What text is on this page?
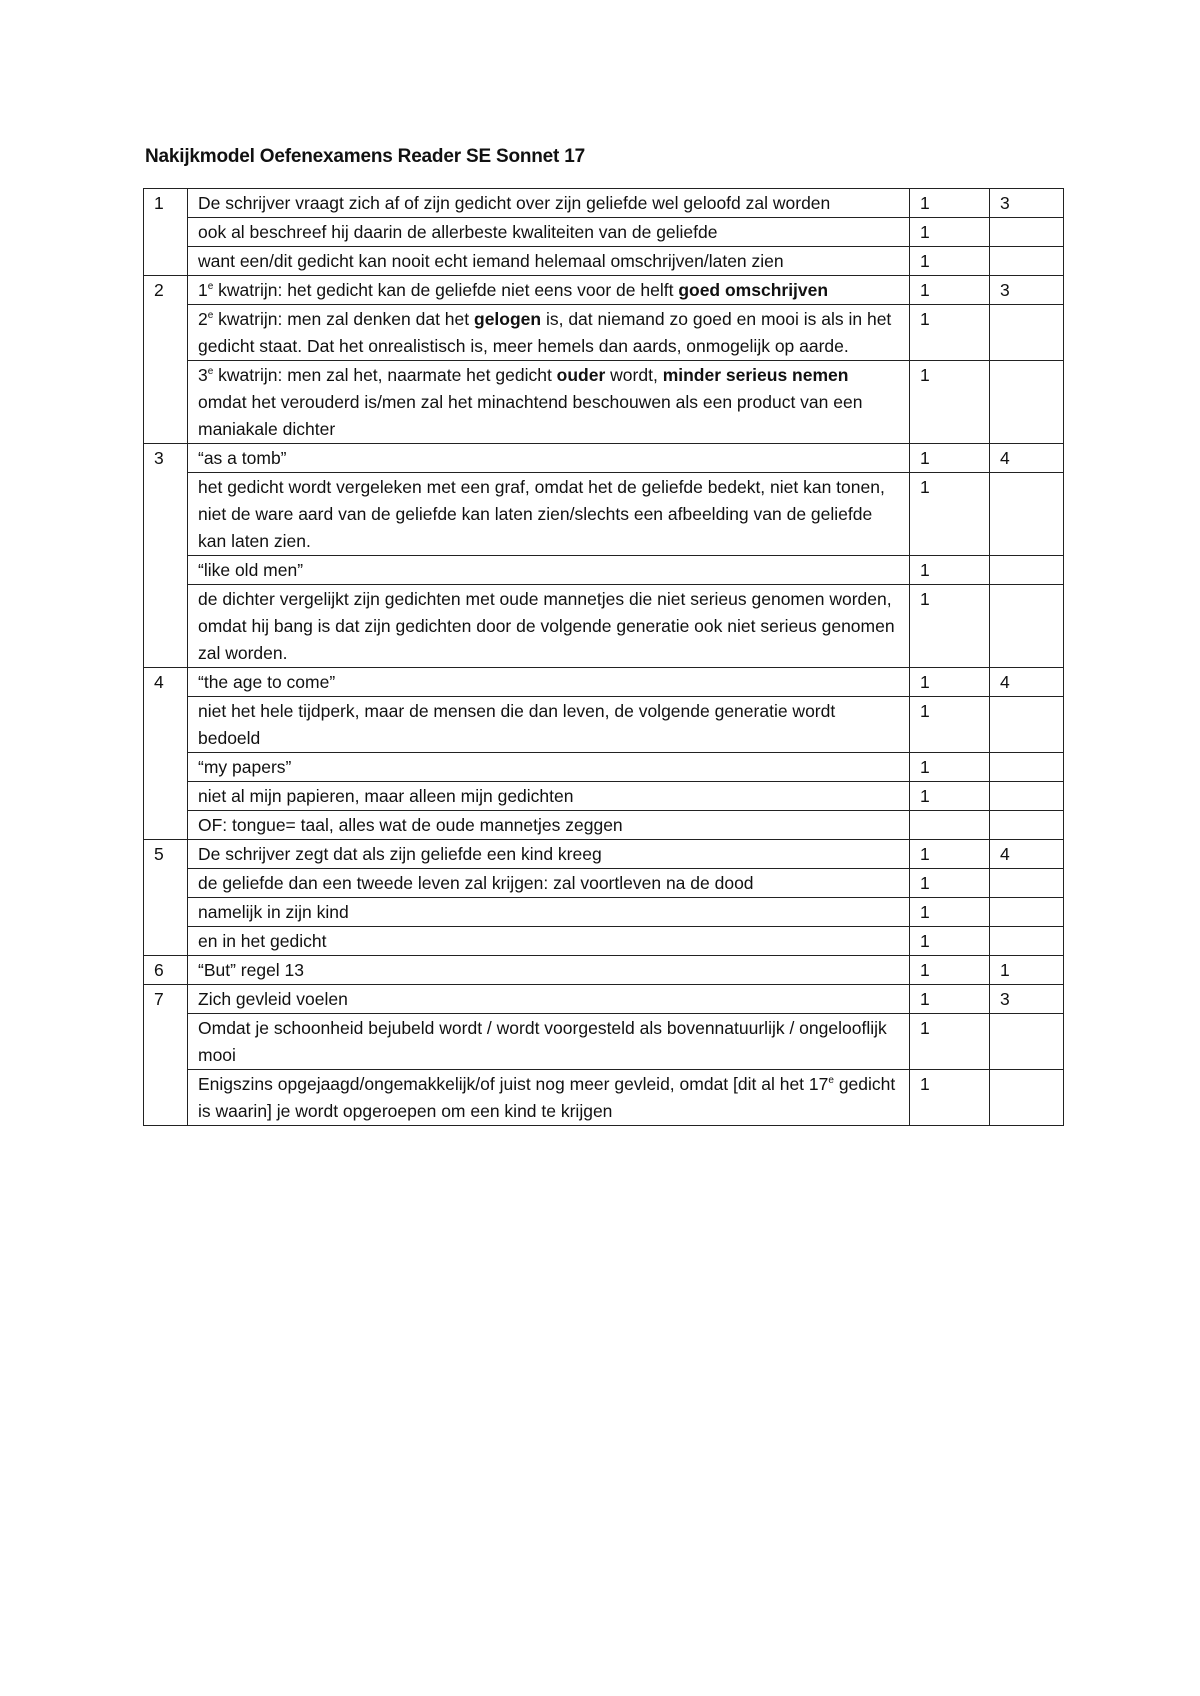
Nakijkmodel Oefenexamens Reader SE Sonnet 17
1	De schrijver vraagt zich af of zijn gedicht over zijn geliefde wel geloofd zal worden	1	3
	ook al beschreef hij daarin de allerbeste kwaliteiten van de geliefde	1	
	want een/dit gedicht kan nooit echt iemand helemaal omschrijven/laten zien	1	
2	1e kwatrijn: het gedicht kan de geliefde niet eens voor de helft goed omschrijven	1	3
	2e kwatrijn: men zal denken dat het gelogen is, dat niemand zo goed en mooi is als in het gedicht staat. Dat het onrealistisch is, meer hemels dan aards, onmogelijk op aarde.	1	
	3e kwatrijn: men zal het, naarmate het gedicht ouder wordt, minder serieus nemen omdat het verouderd is/men zal het minachtend beschouwen als een product van een maniakale dichter	1	
3	“as a tomb”	1	4
	het gedicht wordt vergeleken met een graf, omdat het de geliefde bedekt, niet kan tonen, niet de ware aard van de geliefde kan laten zien/slechts een afbeelding van de geliefde kan laten zien.	1	
	“like old men”	1	
	de dichter vergelijkt zijn gedichten met oude mannetjes die niet serieus genomen worden, omdat hij bang is dat zijn gedichten door de volgende generatie ook niet serieus genomen zal worden.	1	
4	“the age to come”	1	4
	niet het hele tijdperk, maar de mensen die dan leven, de volgende generatie wordt bedoeld	1	
	“my papers”	1	
	niet al mijn papieren, maar alleen mijn gedichten	1	
	OF: tongue= taal, alles wat de oude mannetjes zeggen		
5	De schrijver zegt dat als zijn geliefde een kind kreeg	1	4
	de geliefde dan een tweede leven zal krijgen: zal voortleven na de dood	1	
	namelijk in zijn kind	1	
	en in het gedicht	1	
6	“But” regel 13	1	1
7	Zich gevleid voelen	1	3
	Omdat je schoonheid bejubeld wordt / wordt voorgesteld als bovennatuurlijk / ongelooflijk mooi	1	
	Enigszins opgejaagd/ongemakkelijk/of juist nog meer gevleid, omdat [dit al het 17e gedicht is waarin] je wordt opgeroepen om een kind te krijgen	1	
